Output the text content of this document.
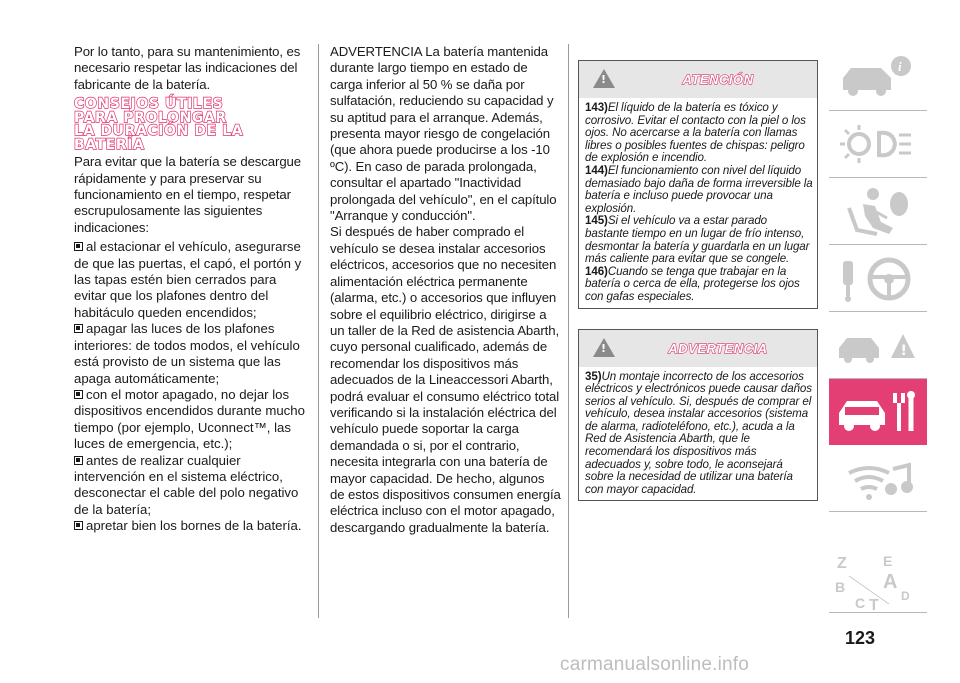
Por lo tanto, para su mantenimiento, es necesario respetar las indicaciones del fabricante de la batería.

CONSEJOS ÚTILES
PARA PROLONGAR
LA DURACIÓN DE LA
BATERÍA

Para evitar que la batería se descargue rápidamente y para preservar su funcionamiento en el tiempo, respetar escrupulosamente las siguientes indicaciones:

al estacionar el vehículo, asegurarse de que las puertas, el capó, el portón y las tapas estén bien cerrados para evitar que los plafones dentro del habitáculo queden encendidos;

apagar las luces de los plafones interiores: de todos modos, el vehículo está provisto de un sistema que las apaga automáticamente;

con el motor apagado, no dejar los dispositivos encendidos durante mucho tiempo (por ejemplo, Uconnect™, las luces de emergencia, etc.);

antes de realizar cualquier intervención en el sistema eléctrico, desconectar el cable del polo negativo de la batería;

apretar bien los bornes de la batería.

ADVERTENCIA La batería mantenida durante largo tiempo en estado de carga inferior al 50 % se daña por sulfatación, reduciendo su capacidad y su aptitud para el arranque. Además, presenta mayor riesgo de congelación (que ahora puede producirse a los -10 ºC). En caso de parada prolongada, consultar el apartado "Inactividad prolongada del vehículo", en el capítulo "Arranque y conducción".

Si después de haber comprado el vehículo se desea instalar accesorios eléctricos, accesorios que no necesiten alimentación eléctrica permanente (alarma, etc.) o accesorios que influyen sobre el equilibrio eléctrico, dirigirse a un taller de la Red de asistencia Abarth, cuyo personal cualificado, además de recomendar los dispositivos más adecuados de la Lineaccessori Abarth, podrá evaluar el consumo eléctrico total verificando si la instalación eléctrica del vehículo puede soportar la carga demandada o si, por el contrario, necesita integrarla con una batería de mayor capacidad. De hecho, algunos de estos dispositivos consumen energía eléctrica incluso con el motor apagado, descargando gradualmente la batería.

!
ATENCIÓN

143)El líquido de la batería es tóxico y corrosivo. Evitar el contacto con la piel o los ojos. No acercarse a la batería con llamas libres o posibles fuentes de chispas: peligro de explosión e incendio.

144)El funcionamiento con nivel del líquido demasiado bajo daña de forma irreversible la batería e incluso puede provocar una explosión.

145)Si el vehículo va a estar parado bastante tiempo en un lugar de frío intenso, desmontar la batería y guardarla en un lugar más caliente para evitar que se congele.

146)Cuando se tenga que trabajar en la batería o cerca de ella, protegerse los ojos con gafas especiales.

!
ADVERTENCIA

35)Un montaje incorrecto de los accesorios eléctricos y electrónicos puede causar daños serios al vehículo. Si, después de comprar el vehículo, desea instalar accesorios (sistema de alarma, radioteléfono, etc.), acuda a la Red de Asistencia Abarth, que le recomendará los dispositivos más adecuados y, sobre todo, le aconsejará sobre la necesidad de utilizar una batería con mayor capacidad.

i
!
Z	E
B A
C T
D
123
carmanualsonline.info
